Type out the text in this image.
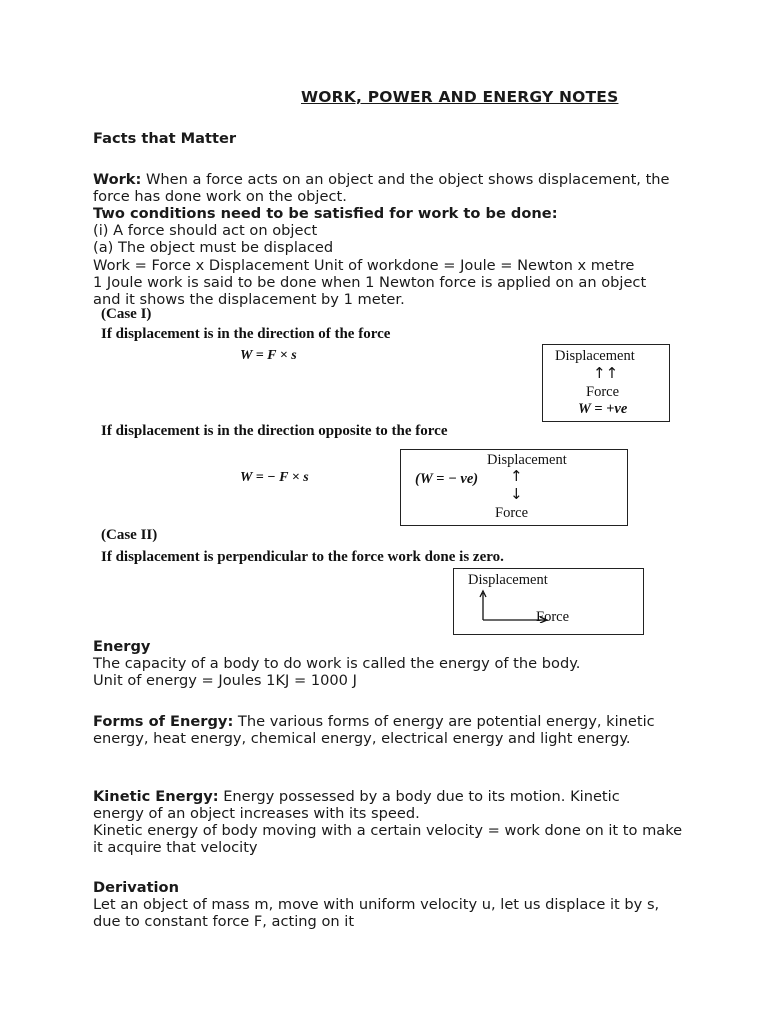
WORK, POWER AND ENERGY NOTES
Facts that Matter
Work: When a force acts on an object and the object shows displacement, the force has done work on the object.
Two conditions need to be satisfied for work to be done:
(i) A force should act on object
(a) The object must be displaced
Work = Force x Displacement Unit of workdone = Joule = Newton x metre
1 Joule work is said to be done when 1 Newton force is applied on an object and it shows the displacement by 1 meter.
(Case I)
If displacement is in the direction of the force
W = F × s	Displacement
↑↑
Force
W = +ve
If displacement is in the direction opposite to the force
W = − F × s
Displacement
(W = − ve) ↑
↓
Force
(Case II)
If displacement is perpendicular to the force work done is zero.
Displacement
Force
Energy
The capacity of a body to do work is called the energy of the body.
Unit of energy = Joules 1KJ = 1000 J
Forms of Energy: The various forms of energy are potential energy, kinetic energy, heat energy, chemical energy, electrical energy and light energy.
Kinetic Energy: Energy possessed by a body due to its motion. Kinetic energy of an object increases with its speed.
Kinetic energy of body moving with a certain velocity = work done on it to make it acquire that velocity
Derivation
Let an object of mass m, move with uniform velocity u, let us displace it by s, due to constant force F, acting on it
